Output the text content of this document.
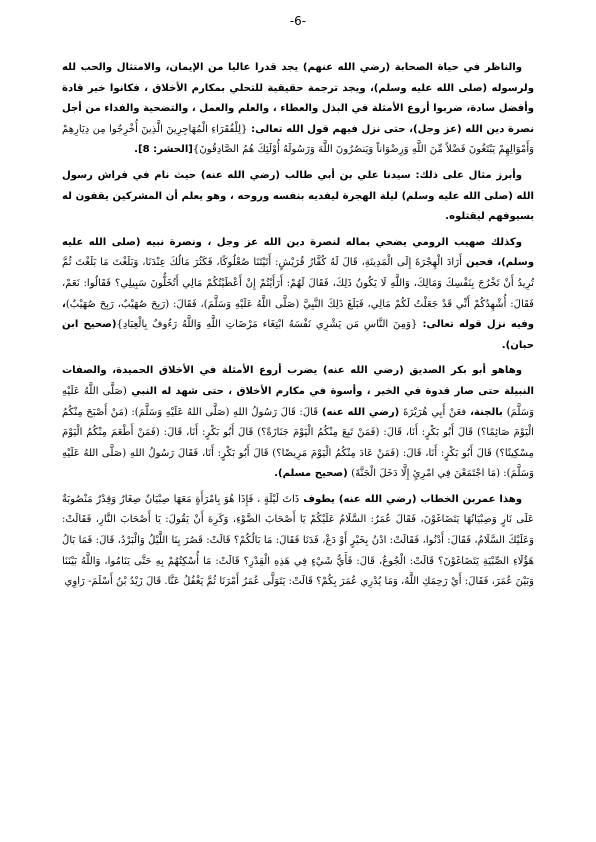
-6-

والناظر في حياة الصحابة (رضي الله عنهم) يجد قدرا عاليا من الإيمان، والامتثال والحب لله ولرسوله (صلى الله عليه وسلم)، ويجد ترجمة حقيقية للتحلي بمكارم الأخلاق ، فكانوا خير قادة وأفضل سادة، ضربوا أروع الأمثلة في البذل والعطاء ، والعلم والعمل ، والتضحية والفداء من أجل نصرة دين الله (عز وجل)، حتى نزل فيهم قول الله تعالى: {لِلْفُقَرَاءِ الْمُهَاجِرِينَ الَّذِينَ أُخْرِجُوا مِن دِيَارِهِمْ وَأَمْوَالِهِمْ يَبْتَغُونَ فَضْلاً مِّنَ اللَّهِ وَرِضْوَاناً وَيَنصُرُونَ اللَّهَ وَرَسُولَهُ أُوْلَئِكَ هُمُ الصَّادِقُونَ}[الحشر: 8].

وأبرز مثال على ذلك: سيدنا علي بن أبي طالب (رضي الله عنه) حيث نام في فراش رسول الله (صلى الله عليه وسلم) ليلة الهجرة ليفديه بنفسه وروحه ، وهو يعلم أن المشركين يقفون له بسيوفهم ليقتلوه.

وكذلك صهيب الرومي يضحي بماله لنصرة دين الله عز وجل ، ونصرة نبيه (صلى الله عليه وسلم)، فحين أَرَادَ الْهِجْرَةَ إِلَى الْمَدِينَةِ، قَالَ لَهُ كُفَّارُ قُرَيْشٍ: أَتَيْتَنَا صُعْلُوكًا، فَكَثُرَ مَالُكَ عِنْدَنَا، وَبَلَغْتَ مَا بَلَغْتَ ثُمَّ تُرِيدُ أَنْ تَخْرُجَ بِنَفْسِكَ وَمَالِكَ، وَاللَّهِ لَا يَكُونُ ذَلِكَ، فَقَالَ لَهُمْ: أَرَأَيْتُمْ إِنْ أَعْطَيْتُكُمْ مَالِي أَتُخَلُّونَ سَبِيلِي؟ فَقَالُوا: نَعَمْ، فَقَالَ: أُشْهِدُكُمْ أَنِّي قَدْ جَعَلْتُ لَكُمْ مَالِي، فَبَلَغَ ذَلِكَ النَّبِيَّ (صَلَّى اللَّهُ عَلَيْهِ وَسَلَّمَ)، فَقَالَ: (رَبِحَ صُهَيْبٌ، رَبِحَ صُهَيْبٌ)، وفيه نزل قوله تعالى: {وَمِنَ النَّاسِ مَن يَشْرِي نَفْسَهُ ابْتِغَاء مَرْضَاتِ اللَّهِ وَاللَّهُ رَءُوفٌ بِالْعِبَادِ}(صحيح ابن حبان).

وهاهو أبو بكر الصديق (رضي الله عنه) يضرب أروع الأمثلة في الأخلاق الحميدة، والصفات النبيلة حتى صار قدوة في الخير ، وأسوة في مكارم الأخلاق ، حتى شهد له النبي (صَلَّى اللَّهُ عَلَيْهِ وَسَلَّمَ) بالجنة، فعَنْ أَبِي هُرَيْرَةَ (رضي الله عنه) قَالَ: قَالَ رَسُولُ اللهِ (صَلَّى اللهُ عَلَيْهِ وَسَلَّمَ): (مَنْ أَصْبَحَ مِنْكُمُ الْيَوْمَ صَائِمًا؟) قَالَ أَبُو بَكْرٍ: أَنَا، قَالَ: (فَمَنْ تَبِعَ مِنْكُمُ الْيَوْمَ جَنَازَةً؟) قَالَ أَبُو بَكْرٍ: أَنَا، قَالَ: (فَمَنْ أَطْعَمَ مِنْكُمُ الْيَوْمَ مِسْكِينًا؟) قَالَ أَبُو بَكْرٍ: أَنَا، قَالَ: (فَمَنْ عَادَ مِنْكُمُ الْيَوْمَ مَرِيضًا؟) قَالَ أَبُو بَكْرٍ: أَنَا، فَقَالَ رَسُولُ اللهِ (صَلَّى اللهُ عَلَيْهِ وَسَلَّمَ): (مَا اجْتَمَعْنَ فِي امْرِئٍ إِلَّا دَخَلَ الْجَنَّةَ) (صحيح مسلم).

وهذا عمربن الخطاب (رضي الله عنه) يطوف ذَاتَ لَيْلَةٍ ، فَإِذَا هُوَ بِامْرَأَةٍ مَعَهَا صِبْيَانٌ صِغَارٌ وَقِدْرٌ مَنْصُوبَةٌ عَلَى نَارٍ وَصِبْيَانُهَا يَتَضَاغَوْنَ، فَقَالَ عُمَرُ: السَّلَامُ عَلَيْكُمْ يَا أَصْحَابَ الضَّوْءِ، وَكَرِهَ أَنْ يَقُولَ: يَا أَصْحَابَ النَّارِ، فَقَالَتْ: وَعَلَيْكَ السَّلَامُ، فَقَالَ: أَدْنُوا، فَقَالَتْ: ادْنُ بِخَيْرٍ أَوْ دَعْ، فَدَنَا فَقَالَ: مَا بَالُكُمْ؟ قَالَتْ: قَصُرَ بِنَا اللَّيْلُ وَالْبَرْدُ، قَالَ: فَمَا بَالُ هَؤُلَاءِ الصِّبْيَةِ يَتَضَاغَوْنَ؟ قَالَتْ: الْجُوعُ، قَالَ: فَأَيُّ شَيْءٍ فِي هَذِهِ الْقِدْرِ؟ قَالَتْ: مَا أُسْكِتُهُمْ بِهِ حَتَّى يَنَامُوا، وَاللَّهُ بَيْنَنَا وَبَيْنَ عُمَرَ، فَقَالَ: أَيْ رَحِمَكِ اللَّهُ، وَمَا يُدْرِي عُمَرَ بِكُمْ؟ قَالَتْ: يَتَوَلَّى عُمَرُ أَمْرَنَا ثُمَّ يَغْفُلُ عَنَّا. قَالَ زَيْدُ بْنُ أَسْلَمَ- رَاوِي
